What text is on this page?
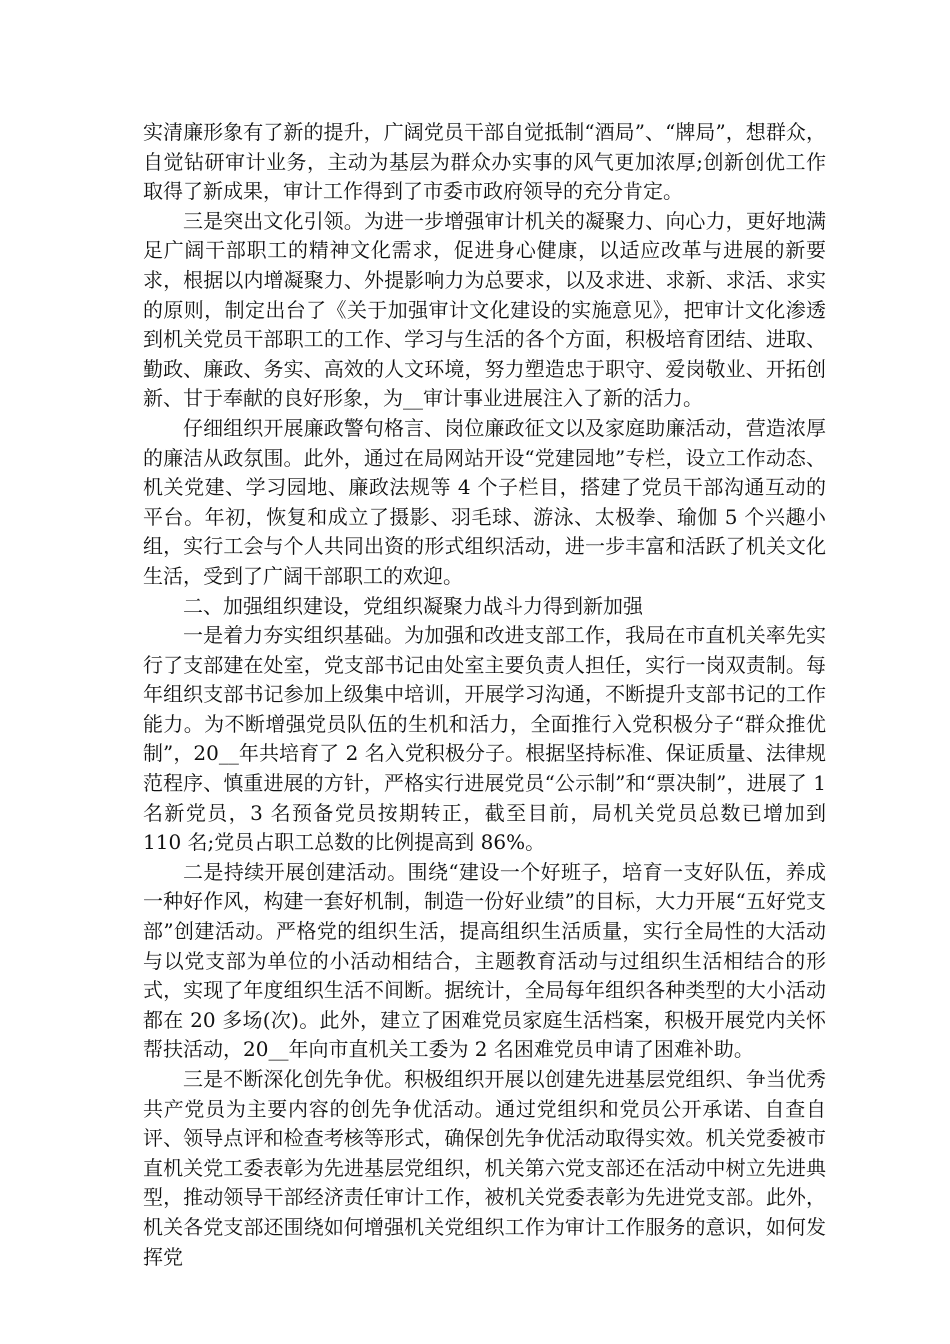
实清廉形象有了新的提升，广阔党员干部自觉抵制“酒局”、“牌局”，想群众，自觉钻研审计业务，主动为基层为群众办实事的风气更加浓厚;创新创优工作取得了新成果，审计工作得到了市委市政府领导的充分肯定。

三是突出文化引领。为进一步增强审计机关的凝聚力、向心力，更好地满足广阔干部职工的精神文化需求，促进身心健康，以适应改革与进展的新要求，根据以内增凝聚力、外提影响力为总要求，以及求进、求新、求活、求实的原则，制定出台了《关于加强审计文化建设的实施意见》，把审计文化渗透到机关党员干部职工的工作、学习与生活的各个方面，积极培育团结、进取、勤政、廉政、务实、高效的人文环境，努力塑造忠于职守、爱岗敬业、开拓创新、甘于奉献的良好形象，为__审计事业进展注入了新的活力。

仔细组织开展廉政警句格言、岗位廉政征文以及家庭助廉活动，营造浓厚的廉洁从政氛围。此外，通过在局网站开设“党建园地”专栏，设立工作动态、机关党建、学习园地、廉政法规等 4 个子栏目，搭建了党员干部沟通互动的平台。年初，恢复和成立了摄影、羽毛球、游泳、太极拳、瑜伽 5 个兴趣小组，实行工会与个人共同出资的形式组织活动，进一步丰富和活跃了机关文化生活，受到了广阔干部职工的欢迎。

二、加强组织建设，党组织凝聚力战斗力得到新加强

一是着力夯实组织基础。为加强和改进支部工作，我局在市直机关率先实行了支部建在处室，党支部书记由处室主要负责人担任，实行一岗双责制。每年组织支部书记参加上级集中培训，开展学习沟通，不断提升支部书记的工作能力。为不断增强党员队伍的生机和活力，全面推行入党积极分子“群众推优制”，20__年共培育了 2 名入党积极分子。根据坚持标准、保证质量、法律规范程序、慎重进展的方针，严格实行进展党员“公示制”和“票决制”，进展了 1 名新党员，3 名预备党员按期转正，截至目前，局机关党员总数已增加到 110 名;党员占职工总数的比例提高到 86%。

二是持续开展创建活动。围绕“建设一个好班子，培育一支好队伍，养成一种好作风，构建一套好机制，制造一份好业绩”的目标，大力开展“五好党支部”创建活动。严格党的组织生活，提高组织生活质量，实行全局性的大活动与以党支部为单位的小活动相结合，主题教育活动与过组织生活相结合的形式，实现了年度组织生活不间断。据统计，全局每年组织各种类型的大小活动都在 20 多场(次)。此外，建立了困难党员家庭生活档案，积极开展党内关怀帮扶活动，20__年向市直机关工委为 2 名困难党员申请了困难补助。

三是不断深化创先争优。积极组织开展以创建先进基层党组织、争当优秀共产党员为主要内容的创先争优活动。通过党组织和党员公开承诺、自查自评、领导点评和检查考核等形式，确保创先争优活动取得实效。机关党委被市直机关党工委表彰为先进基层党组织，机关第六党支部还在活动中树立先进典型，推动领导干部经济责任审计工作，被机关党委表彰为先进党支部。此外，机关各党支部还围绕如何增强机关党组织工作为审计工作服务的意识，如何发挥党
